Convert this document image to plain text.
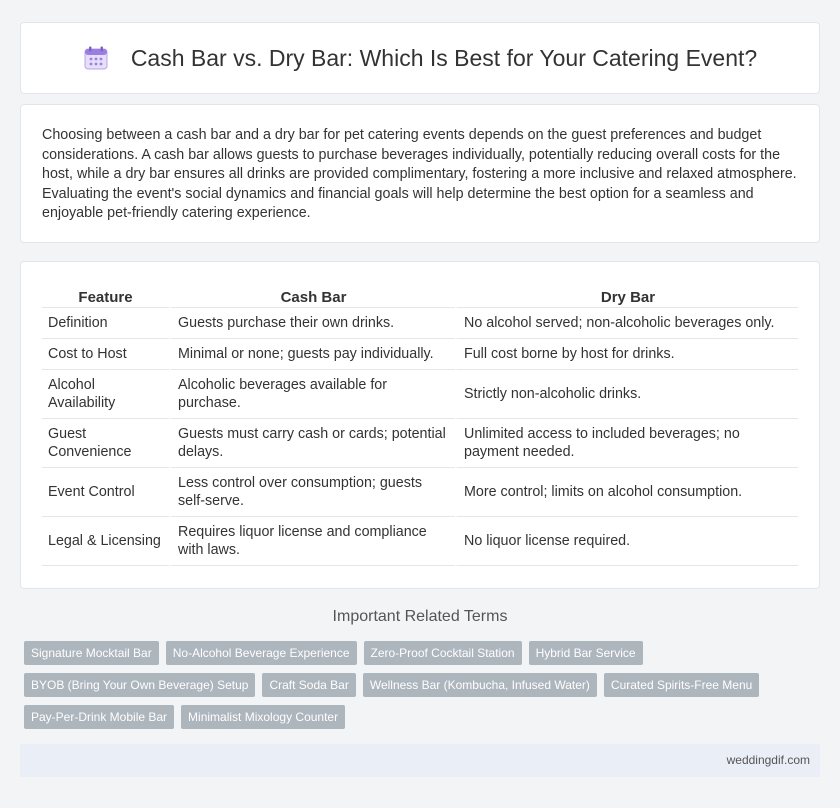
Cash Bar vs. Dry Bar: Which Is Best for Your Catering Event?

Choosing between a cash bar and a dry bar for pet catering events depends on the guest preferences and budget considerations. A cash bar allows guests to purchase beverages individually, potentially reducing overall costs for the host, while a dry bar ensures all drinks are provided complimentary, fostering a more inclusive and relaxed atmosphere. Evaluating the event's social dynamics and financial goals will help determine the best option for a seamless and enjoyable pet-friendly catering experience.

Feature	Cash Bar	Dry Bar
Definition	Guests purchase their own drinks.	No alcohol served; non-alcoholic beverages only.
Cost to Host	Minimal or none; guests pay individually.	Full cost borne by host for drinks.
Alcohol Availability	Alcoholic beverages available for purchase.	Strictly non-alcoholic drinks.
Guest Convenience	Guests must carry cash or cards; potential delays.	Unlimited access to included beverages; no payment needed.
Event Control	Less control over consumption; guests self-serve.	More control; limits on alcohol consumption.
Legal & Licensing	Requires liquor license and compliance with laws.	No liquor license required.
Important Related Terms
Signature Mocktail Bar	No-Alcohol Beverage Experience	Zero-Proof Cocktail Station	Hybrid Bar Service
BYOB (Bring Your Own Beverage) Setup	Craft Soda Bar	Wellness Bar (Kombucha, Infused Water)	Curated Spirits-Free Menu
Pay-Per-Drink Mobile Bar	Minimalist Mixology Counter
weddingdif.com
